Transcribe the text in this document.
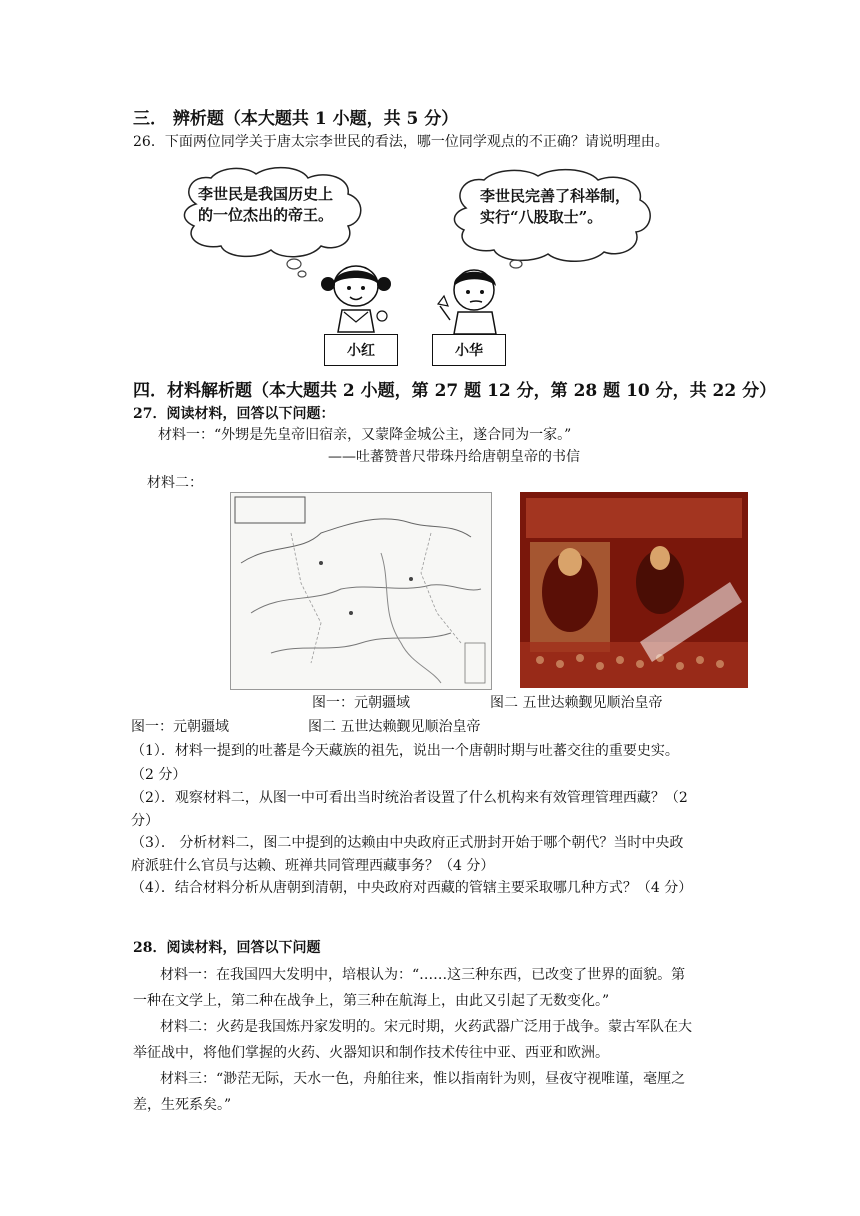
三． 辨析题（本大题共 1 小题，共 5 分）
26．下面两位同学关于唐太宗李世民的看法，哪一位同学观点的不正确？请说明理由。
李世民是我国历史上的一位杰出的帝王。
李世民完善了科举制，实行“八股取士”。
小红	小华
四．材料解析题（本大题共 2 小题，第 27 题 12 分，第 28 题 10 分，共 22 分）
27．阅读材料，回答以下问题：
材料一：“外甥是先皇帝旧宿亲，又蒙降金城公主，遂合同为一家。”
——吐蕃赞普尺带珠丹给唐朝皇帝的书信
材料二：
图一：元朝疆域	图二 五世达赖觐见顺治皇帝
图一：元朝疆域	图二 五世达赖觐见顺治皇帝
（1）．材料一提到的吐蕃是今天藏族的祖先，说出一个唐朝时期与吐蕃交往的重要史实。
（2 分）
（2）．观察材料二，从图一中可看出当时统治者设置了什么机构来有效管理管理西藏？（2
分）
（3）． 分析材料二，图二中提到的达赖由中央政府正式册封开始于哪个朝代？当时中央政
府派驻什么官员与达赖、班禅共同管理西藏事务？（4 分）
（4）．结合材料分析从唐朝到清朝，中央政府对西藏的管辖主要采取哪几种方式？（4 分）
28．阅读材料，回答以下问题
材料一：在我国四大发明中，培根认为：“……这三种东西，已改变了世界的面貌。第
一种在文学上，第二种在战争上，第三种在航海上，由此又引起了无数变化。”
材料二：火药是我国炼丹家发明的。宋元时期，火药武器广泛用于战争。蒙古军队在大
举征战中，将他们掌握的火药、火器知识和制作技术传往中亚、西亚和欧洲。
材料三：“渺茫无际，天水一色，舟舶往来，惟以指南针为则，昼夜守视唯谨，毫厘之
差，生死系矣。”
